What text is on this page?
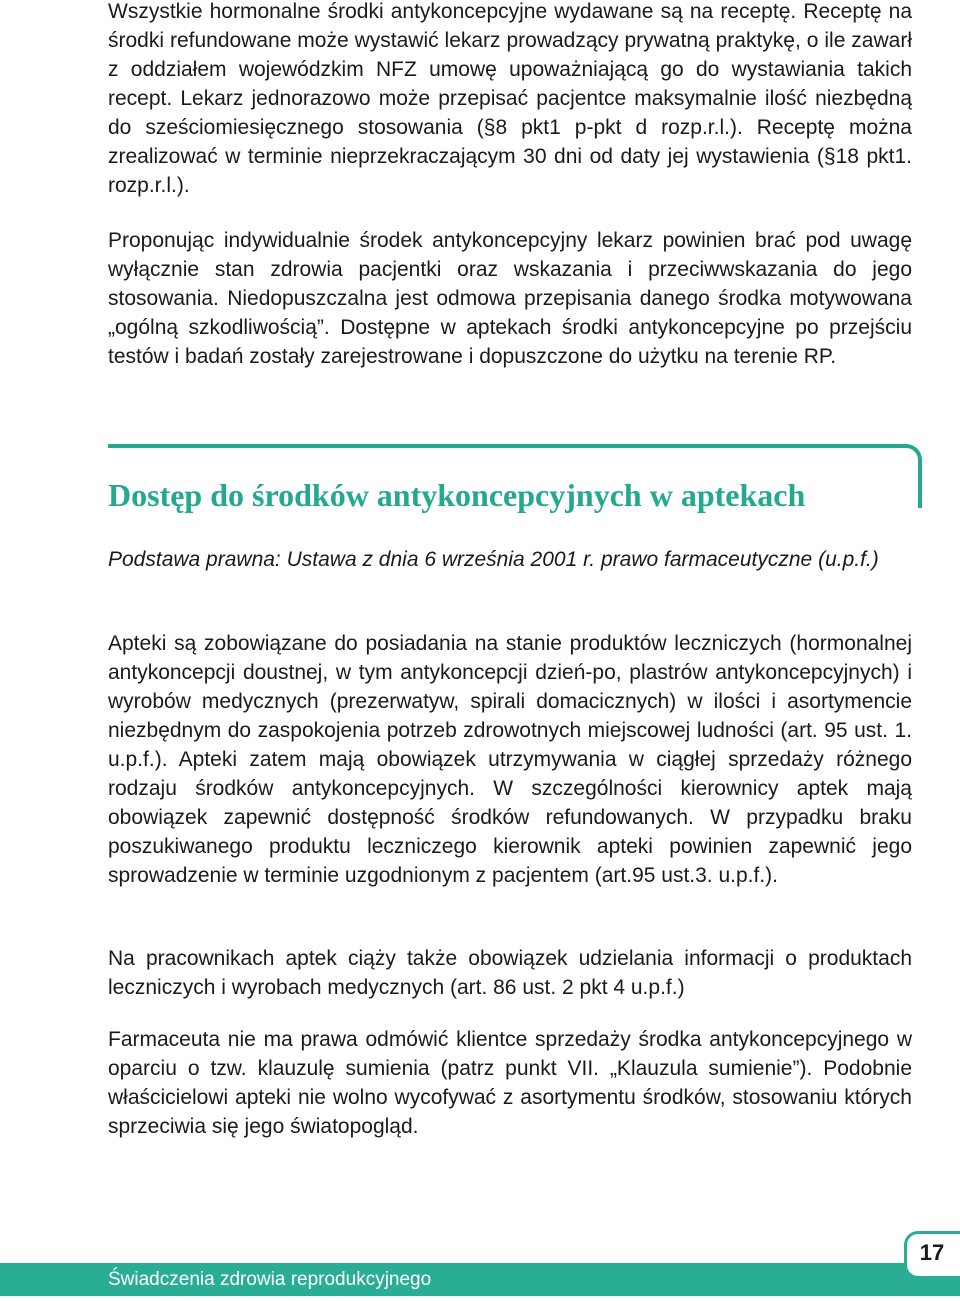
Wszystkie hormonalne środki antykoncepcyjne wydawane są na receptę. Receptę na środki refundowane może wystawić lekarz prowadzący prywatną praktykę, o ile zawarł z oddziałem wojewódzkim NFZ umowę upoważniającą go do wystawiania takich recept. Lekarz jednorazowo może przepisać pacjentce maksymalnie ilość niezbędną do sześciomiesięcznego stosowania (§8 pkt1 p-pkt d rozp.r.l.). Receptę można zrealizować w terminie nieprzekraczającym 30 dni od daty jej wystawienia (§18 pkt1. rozp.r.l.).

Proponując indywidualnie środek antykoncepcyjny lekarz powinien brać pod uwagę wyłącznie stan zdrowia pacjentki oraz wskazania i przeciwwskazania do jego stosowania. Niedopuszczalna jest odmowa przepisania danego środka motywowana „ogólną szkodliwością”. Dostępne w aptekach środki antykoncepcyjne po przejściu testów i badań zostały zarejestrowane i dopuszczone do użytku na terenie RP.

Dostęp do środków antykoncepcyjnych w aptekach

Podstawa prawna: Ustawa z dnia 6 września 2001 r. prawo farmaceutyczne (u.p.f.)

Apteki są zobowiązane do posiadania na stanie produktów leczniczych (hormonalnej antykoncepcji doustnej, w tym antykoncepcji dzień-po, plastrów antykoncepcyjnych) i wyrobów medycznych (prezerwatyw, spirali domacicznych) w ilości i asortymencie niezbędnym do zaspokojenia potrzeb zdrowotnych miejscowej ludności (art. 95 ust. 1. u.p.f.). Apteki zatem mają obowiązek utrzymywania w ciągłej sprzedaży różnego rodzaju środków antykoncepcyjnych. W szczególności kierownicy aptek mają obowiązek zapewnić dostępność środków refundowanych. W przypadku braku poszukiwanego produktu leczniczego kierownik apteki powinien zapewnić jego sprowadzenie w terminie uzgodnionym z pacjentem (art.95 ust.3. u.p.f.).

Na pracownikach aptek ciąży także obowiązek udzielania informacji o produktach leczniczych i wyrobach medycznych (art. 86 ust. 2 pkt 4 u.p.f.)

Farmaceuta nie ma prawa odmówić klientce sprzedaży środka antykoncepcyjnego w oparciu o tzw. klauzulę sumienia (patrz punkt VII. „Klauzula sumienie”). Podobnie właścicielowi apteki nie wolno wycofywać z asortymentu środków, stosowaniu których sprzeciwia się jego światopogląd.

Świadczenia zdrowia reprodukcyjnego

17
